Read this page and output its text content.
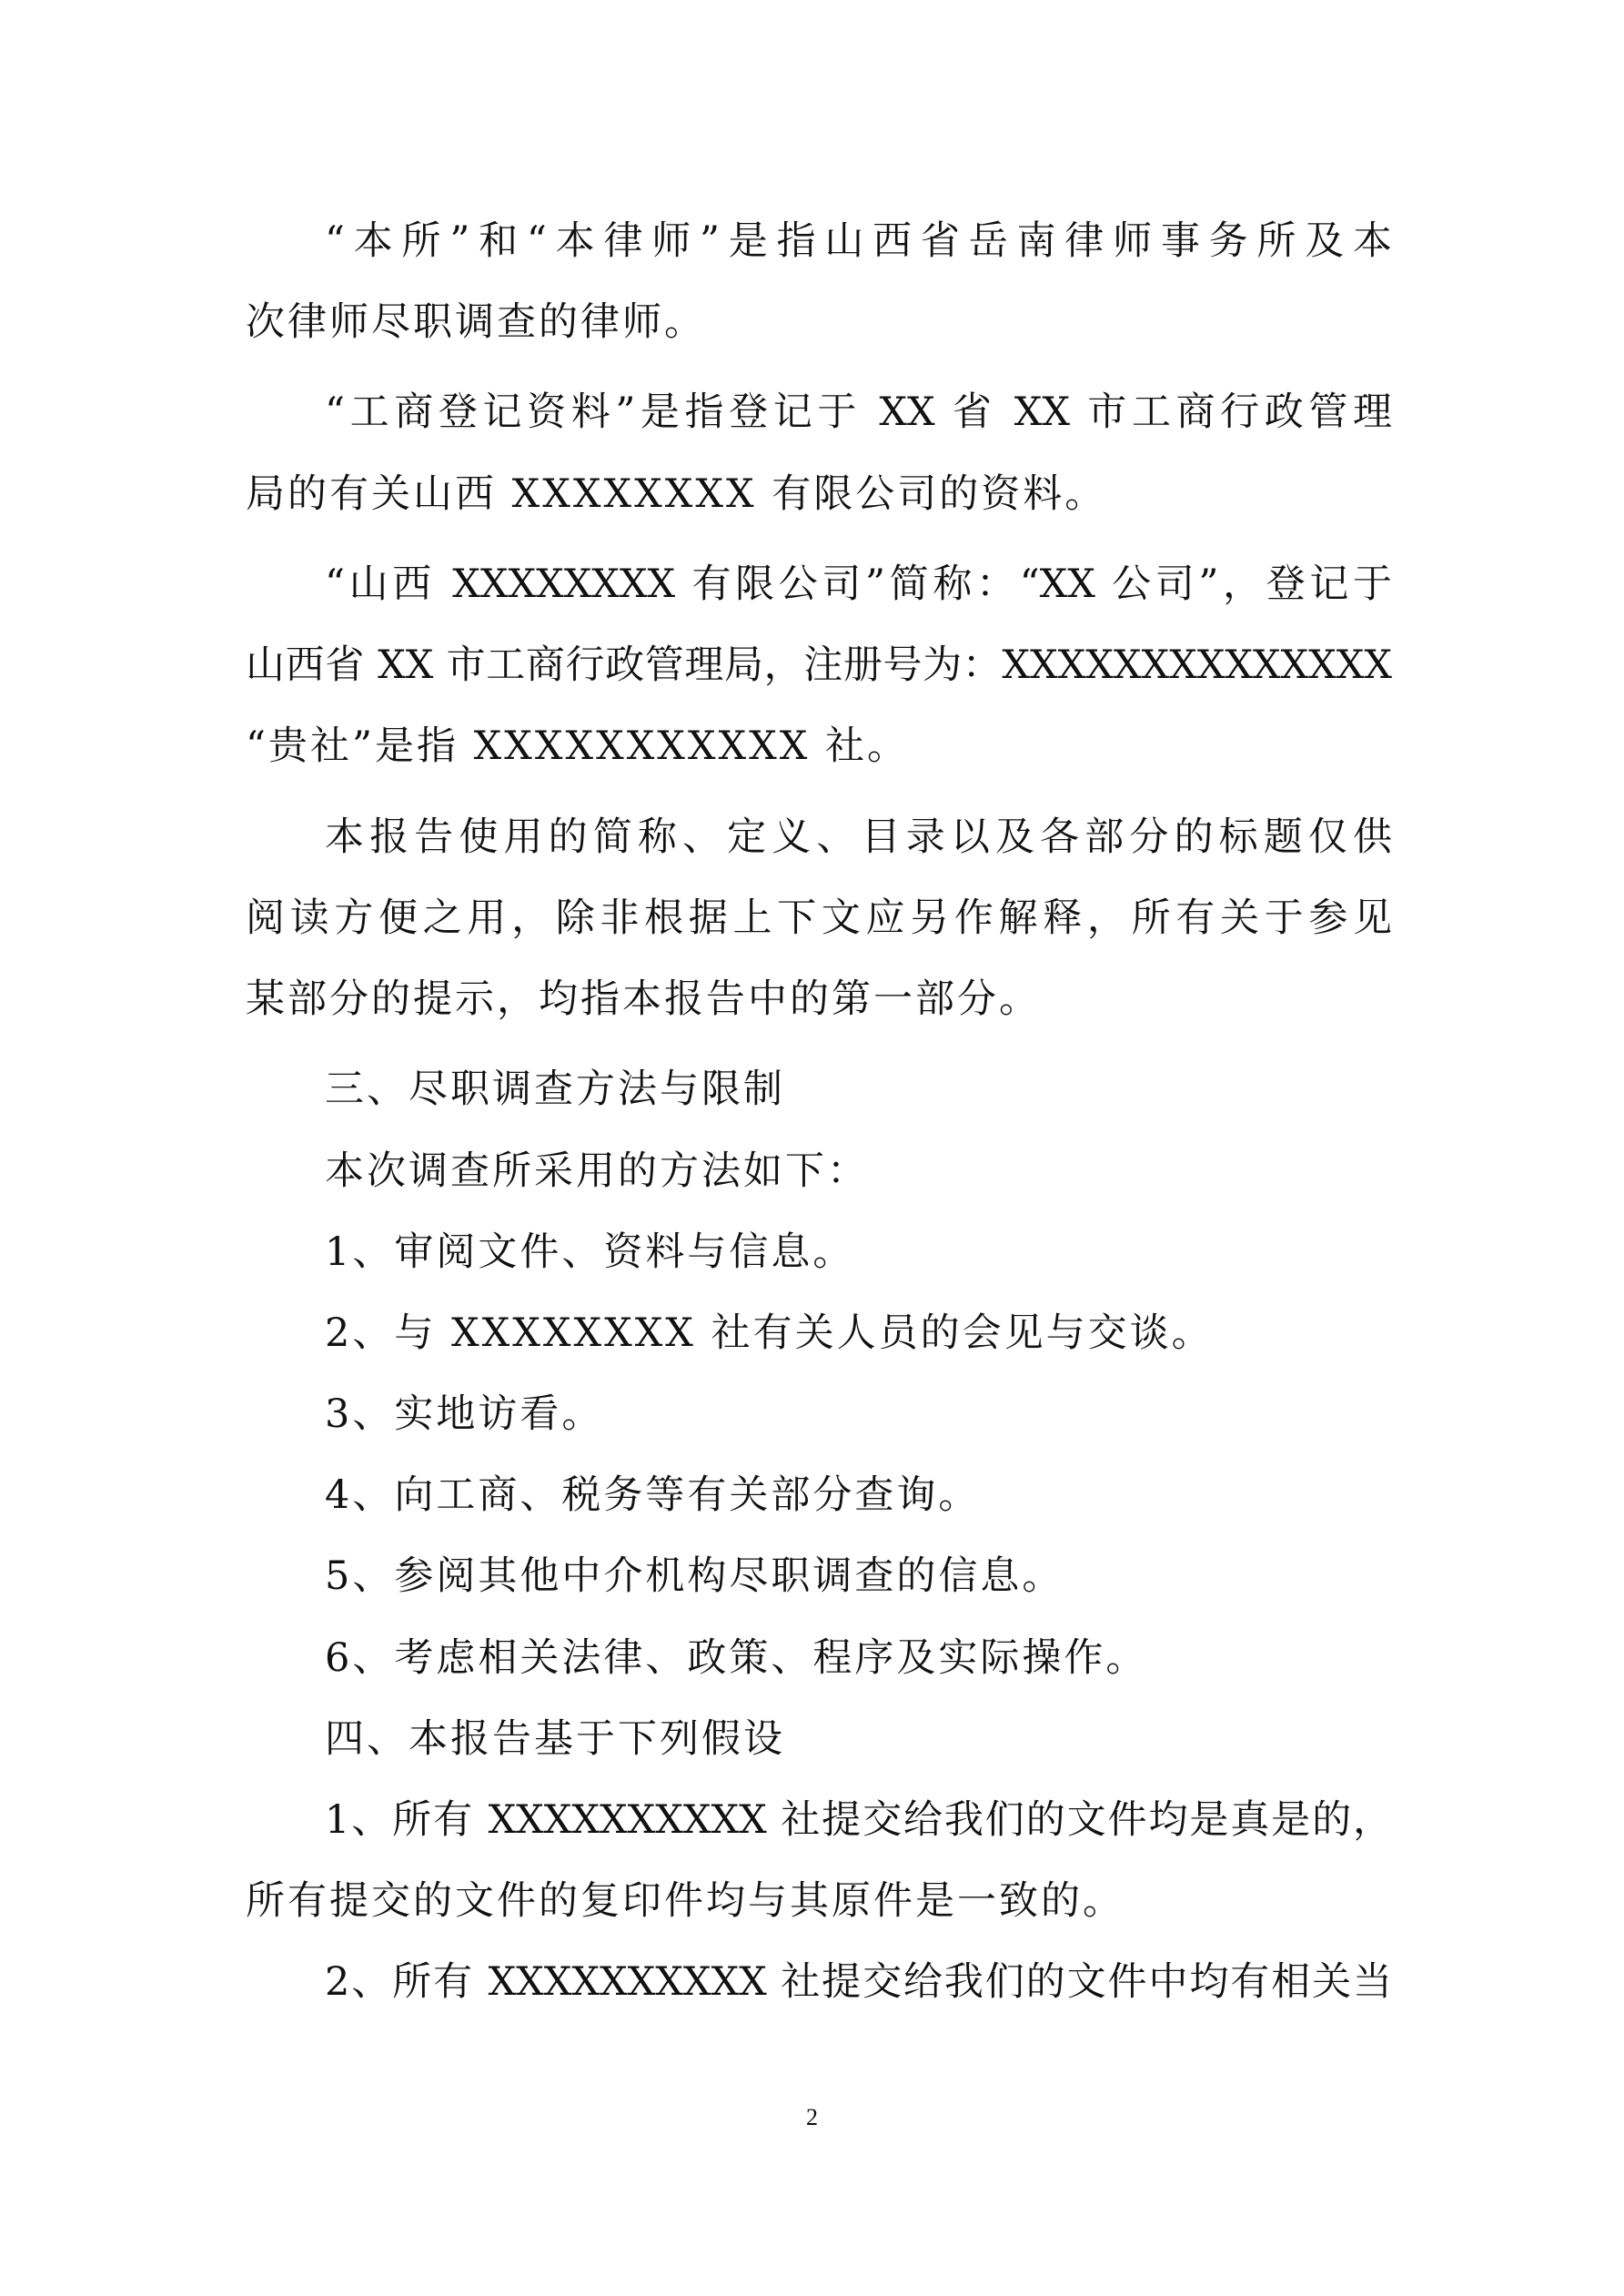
“本所”和“本律师”是指山西省岳南律师事务所及本
次律师尽职调查的律师。
“工商登记资料”是指登记于 XX 省 XX 市工商行政管理
局的有关山西 XXXXXXXX 有限公司的资料。
“山西 XXXXXXXX 有限公司”简称：“XX 公司”，登记于
山西省 XX 市工商行政管理局，注册号为：XXXXXXXXXXXXXX
“贵社”是指 XXXXXXXXXXX 社。
本报告使用的简称、定义、目录以及各部分的标题仅供
阅读方便之用，除非根据上下文应另作解释，所有关于参见
某部分的提示，均指本报告中的第一部分。
三、尽职调查方法与限制
本次调查所采用的方法如下：
1、审阅文件、资料与信息。
2、与 XXXXXXXX 社有关人员的会见与交谈。
3、实地访看。
4、向工商、税务等有关部分查询。
5、参阅其他中介机构尽职调查的信息。
6、考虑相关法律、政策、程序及实际操作。
四、本报告基于下列假设
1、所有 XXXXXXXXXX 社提交给我们的文件均是真是的，
所有提交的文件的复印件均与其原件是一致的。
2、所有 XXXXXXXXXX 社提交给我们的文件中均有相关当
2
